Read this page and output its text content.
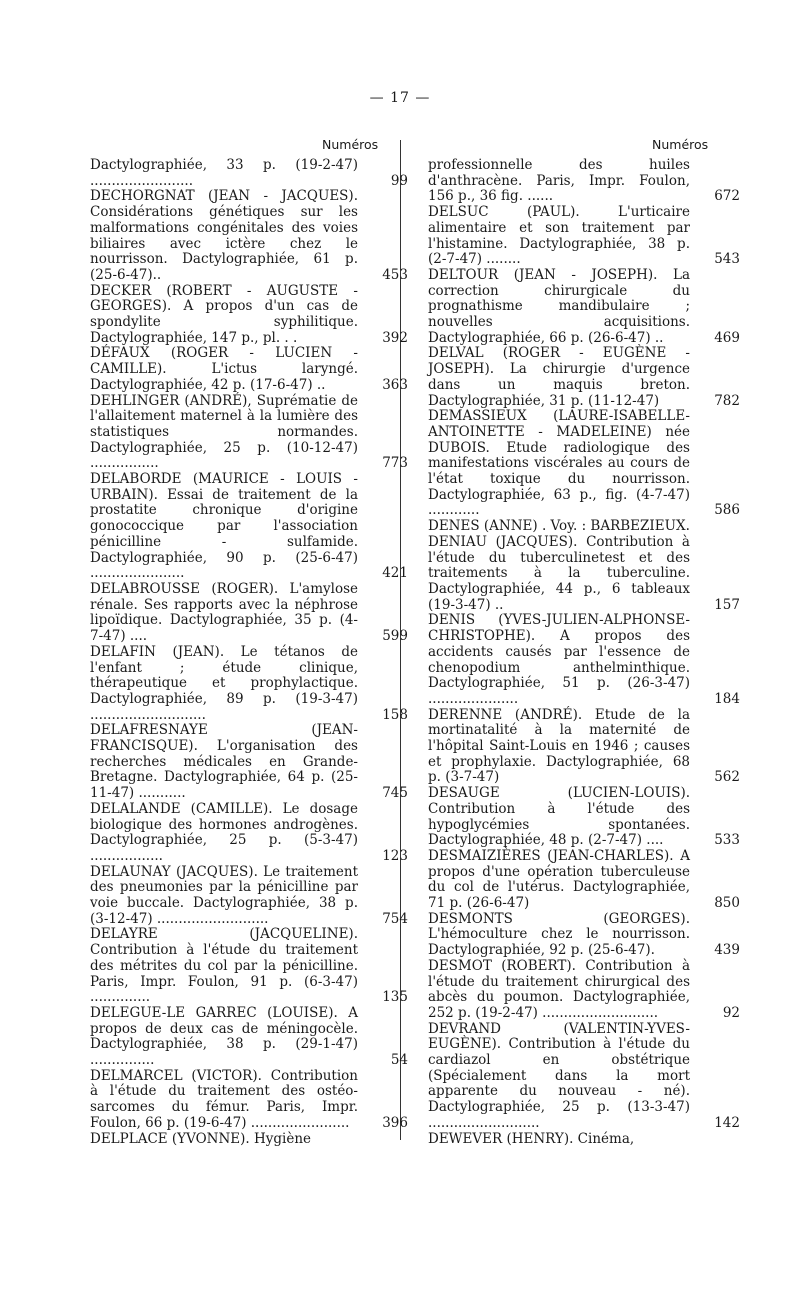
— 17 —
Numéros	Numéros
Dactylographiée, 33 p. (19-2-47) ........................	99
DECHORGNAT (JEAN - JACQUES). Considérations génétiques sur les malformations congénitales des voies biliaires avec ictère chez le nourrisson. Dactylographiée, 61 p. (25-6-47)..	453
DECKER (ROBERT - AUGUSTE - GEORGES). A propos d'un cas de spondylite syphilitique. Dactylographiée, 147 p., pl. . .	392
DÉFAUX (ROGER - LUCIEN - CAMILLE). L'ictus laryngé. Dactylographiée, 42 p. (17-6-47) ..	363
DEHLINGER (ANDRÉ), Suprématie de l'allaitement maternel à la lumière des statistiques normandes. Dactylographiée, 25 p. (10-12-47) ................	773
DELABORDE (MAURICE - LOUIS - URBAIN). Essai de traitement de la prostatite chronique d'origine gonococcique par l'association pénicilline - sulfamide. Dactylographiée, 90 p. (25-6-47) ......................	421
DELABROUSSE (ROGER). L'amylose rénale. Ses rapports avec la néphrose lipoïdique. Dactylographiée, 35 p. (4-7-47) ....	599
DELAFIN (JEAN). Le tétanos de l'enfant ; étude clinique, thérapeutique et prophylactique. Dactylographiée, 89 p. (19-3-47) ...........................	158
DELAFRESNAYE (JEAN-FRANCISQUE). L'organisation des recherches médicales en Grande-Bretagne. Dactylographiée, 64 p. (25-11-47) ...........	745
DELALANDE (CAMILLE). Le dosage biologique des hormones androgènes. Dactylographiée, 25 p. (5-3-47) .................	123
DELAUNAY (JACQUES). Le traitement des pneumonies par la pénicilline par voie buccale. Dactylographiée, 38 p. (3-12-47) ..........................	754
DELAYRE (JACQUELINE). Contribution à l'étude du traitement des métrites du col par la pénicilline. Paris, Impr. Foulon, 91 p. (6-3-47) ..............	135
DELEGUE-LE GARREC (LOUISE). A propos de deux cas de méningocèle. Dactylographiée, 38 p. (29-1-47) ...............	54
DELMARCEL (VICTOR). Contribution à l'étude du traitement des ostéo-sarcomes du fémur. Paris, Impr. Foulon, 66 p. (19-6-47) .......................	396
DELPLACE (YVONNE). Hygiène
professionnelle des huiles d'anthracène. Paris, Impr. Foulon, 156 p., 36 fig. ......	672
DELSUC (PAUL). L'urticaire alimentaire et son traitement par l'histamine. Dactylographiée, 38 p. (2-7-47) ........	543
DELTOUR (JEAN - JOSEPH). La correction chirurgicale du prognathisme mandibulaire ; nouvelles acquisitions. Dactylographiée, 66 p. (26-6-47) ..	469
DELVAL (ROGER - EUGÈNE - JOSEPH). La chirurgie d'urgence dans un maquis breton. Dactylographiée, 31 p. (11-12-47)	782
DEMASSIEUX (LAURE-ISABELLE-ANTOINETTE - MADELEINE) née DUBOIS. Etude radiologique des manifestations viscérales au cours de l'état toxique du nourrisson. Dactylographiée, 63 p., fig. (4-7-47) ............	586
DENES (ANNE) . Voy. : BARBEZIEUX.
DENIAU (JACQUES). Contribution à l'étude du tuberculinetest et des traitements à la tuberculine. Dactylographiée, 44 p., 6 tableaux (19-3-47) ..	157
DENIS (YVES-JULIEN-ALPHONSE-CHRISTOPHE). A propos des accidents causés par l'essence de chenopodium anthelminthique. Dactylographiée, 51 p. (26-3-47) .....................	184
DERENNE (ANDRÉ). Etude de la mortinatalité à la maternité de l'hôpital Saint-Louis en 1946 ; causes et prophylaxie. Dactylographiée, 68 p. (3-7-47)	562
DESAUGE (LUCIEN-LOUIS). Contribution à l'étude des hypoglycémies spontanées. Dactylographiée, 48 p. (2-7-47) ....	533
DESMAIZIÈRES (JEAN-CHARLES). A propos d'une opération tuberculeuse du col de l'utérus. Dactylographiée, 71 p. (26-6-47)	850
DESMONTS (GEORGES). L'hémoculture chez le nourrisson. Dactylographiée, 92 p. (25-6-47).	439
DESMOT (ROBERT). Contribution à l'étude du traitement chirurgical des abcès du poumon. Dactylographiée, 252 p. (19-2-47) ...........................	92
DEVRAND (VALENTIN-YVES-EUGÈNE). Contribution à l'étude du cardiazol en obstétrique (Spécialement dans la mort apparente du nouveau - né). Dactylographiée, 25 p. (13-3-47) ..........................	142
DEWEVER (HENRY). Cinéma,
